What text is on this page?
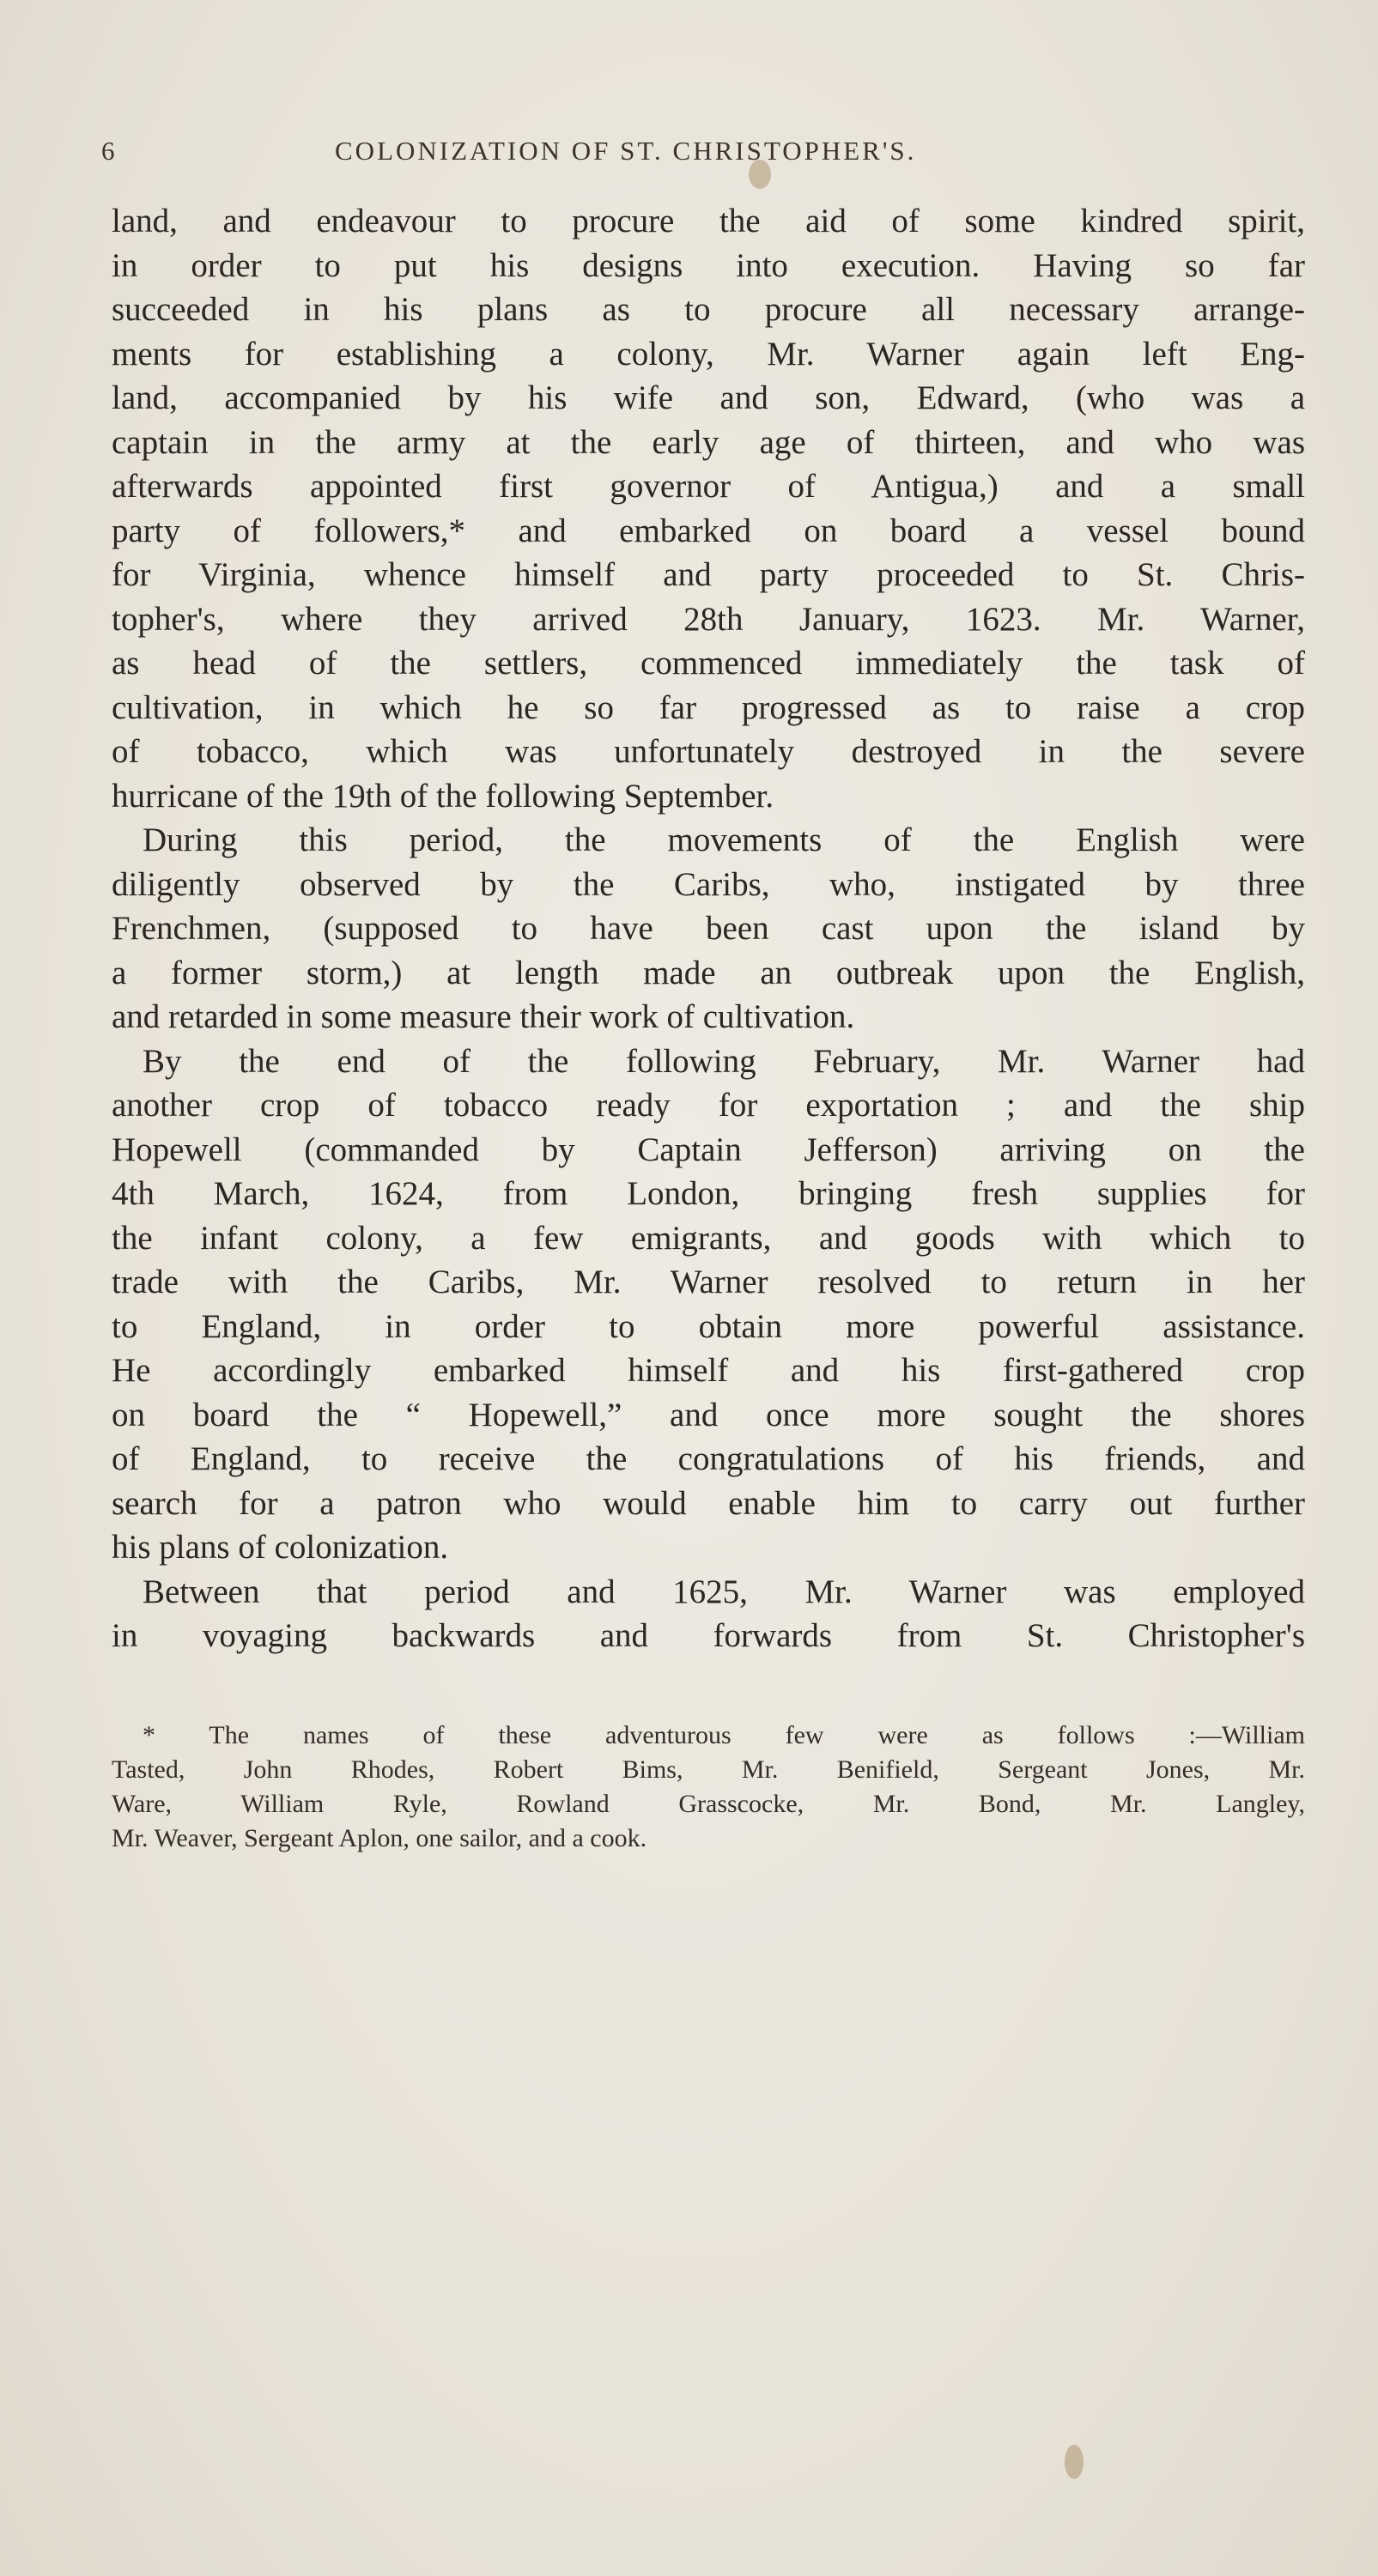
6	COLONIZATION OF ST. CHRISTOPHER'S.
land, and endeavour to procure the aid of some kindred spirit,
in order to put his designs into execution. Having so far
succeeded in his plans as to procure all necessary arrange-
ments for establishing a colony, Mr. Warner again left Eng-
land, accompanied by his wife and son, Edward, (who was a
captain in the army at the early age of thirteen, and who was
afterwards appointed first governor of Antigua,) and a small
party of followers,* and embarked on board a vessel bound
for Virginia, whence himself and party proceeded to St. Chris-
topher's, where they arrived 28th January, 1623. Mr. Warner,
as head of the settlers, commenced immediately the task of
cultivation, in which he so far progressed as to raise a crop
of tobacco, which was unfortunately destroyed in the severe
hurricane of the 19th of the following September.
During this period, the movements of the English were
diligently observed by the Caribs, who, instigated by three
Frenchmen, (supposed to have been cast upon the island by
a former storm,) at length made an outbreak upon the English,
and retarded in some measure their work of cultivation.
By the end of the following February, Mr. Warner had
another crop of tobacco ready for exportation ; and the ship
Hopewell (commanded by Captain Jefferson) arriving on the
4th March, 1624, from London, bringing fresh supplies for
the infant colony, a few emigrants, and goods with which to
trade with the Caribs, Mr. Warner resolved to return in her
to England, in order to obtain more powerful assistance.
He accordingly embarked himself and his first-gathered crop
on board the “ Hopewell,” and once more sought the shores
of England, to receive the congratulations of his friends, and
search for a patron who would enable him to carry out further
his plans of colonization.
Between that period and 1625, Mr. Warner was employed
in voyaging backwards and forwards from St. Christopher's
* The names of these adventurous few were as follows :—William
Tasted, John Rhodes, Robert Bims, Mr. Benifield, Sergeant Jones, Mr.
Ware, William Ryle, Rowland Grasscocke, Mr. Bond, Mr. Langley,
Mr. Weaver, Sergeant Aplon, one sailor, and a cook.
